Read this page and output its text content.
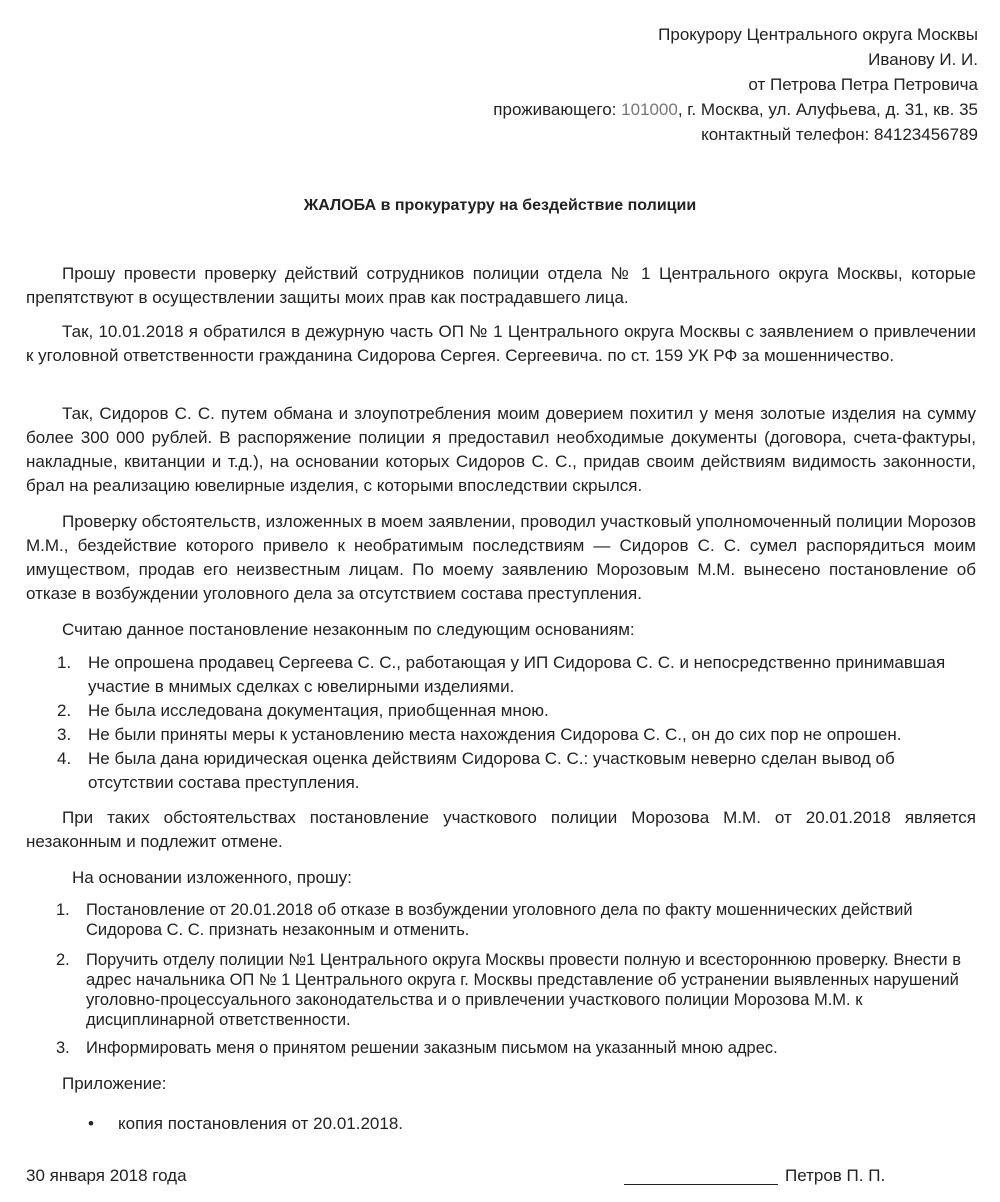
Прокурору Центрального округа Москвы
Иванову И. И.
от Петрова Петра Петровича
проживающего: 101000, г. Москва, ул. Алуфьева, д. 31, кв. 35
контактный телефон: 84123456789
ЖАЛОБА в прокуратуру на бездействие полиции
Прошу провести проверку действий сотрудников полиции отдела № 1 Центрального округа Москвы, которые препятствуют в осуществлении защиты моих прав как пострадавшего лица.
Так, 10.01.2018 я обратился в дежурную часть ОП № 1 Центрального округа Москвы с заявлением о привлечении к уголовной ответственности гражданина Сидорова Сергея. Сергеевича. по ст. 159 УК РФ за мошенничество.
Так, Сидоров С. С. путем обмана и злоупотребления моим доверием похитил у меня золотые изделия на сумму более 300 000 рублей. В распоряжение полиции я предоставил необходимые документы (договора, счета-фактуры, накладные, квитанции и т.д.), на основании которых Сидоров С. С., придав своим действиям видимость законности, брал на реализацию ювелирные изделия, с которыми впоследствии скрылся.
Проверку обстоятельств, изложенных в моем заявлении, проводил участковый уполномоченный полиции Морозов М.М., бездействие которого привело к необратимым последствиям — Сидоров С. С. сумел распорядиться моим имуществом, продав его неизвестным лицам. По моему заявлению Морозовым М.М. вынесено постановление об отказе в возбуждении уголовного дела за отсутствием состава преступления.
Считаю данное постановление незаконным по следующим основаниям:
1. Не опрошена продавец Сергеева С. С., работающая у ИП Сидорова С. С. и непосредственно принимавшая участие в мнимых сделках с ювелирными изделиями.
2. Не была исследована документация, приобщенная мною.
3. Не были приняты меры к установлению места нахождения Сидорова С. С., он до сих пор не опрошен.
4. Не была дана юридическая оценка действиям Сидорова С. С.: участковым неверно сделан вывод об отсутствии состава преступления.
При таких обстоятельствах постановление участкового полиции Морозова М.М. от 20.01.2018 является незаконным и подлежит отмене.
На основании изложенного, прошу:
1. Постановление от 20.01.2018 об отказе в возбуждении уголовного дела по факту мошеннических действий Сидорова С. С. признать незаконным и отменить.
2. Поручить отделу полиции №1 Центрального округа Москвы провести полную и всестороннюю проверку. Внести в адрес начальника ОП № 1 Центрального округа г. Москвы представление об устранении выявленных нарушений уголовно-процессуального законодательства и о привлечении участкового полиции Морозова М.М. к дисциплинарной ответственности.
3. Информировать меня о принятом решении заказным письмом на указанный мною адрес.
Приложение:
• копия постановления от 20.01.2018.
30 января 2018 года	Петров П. П.
